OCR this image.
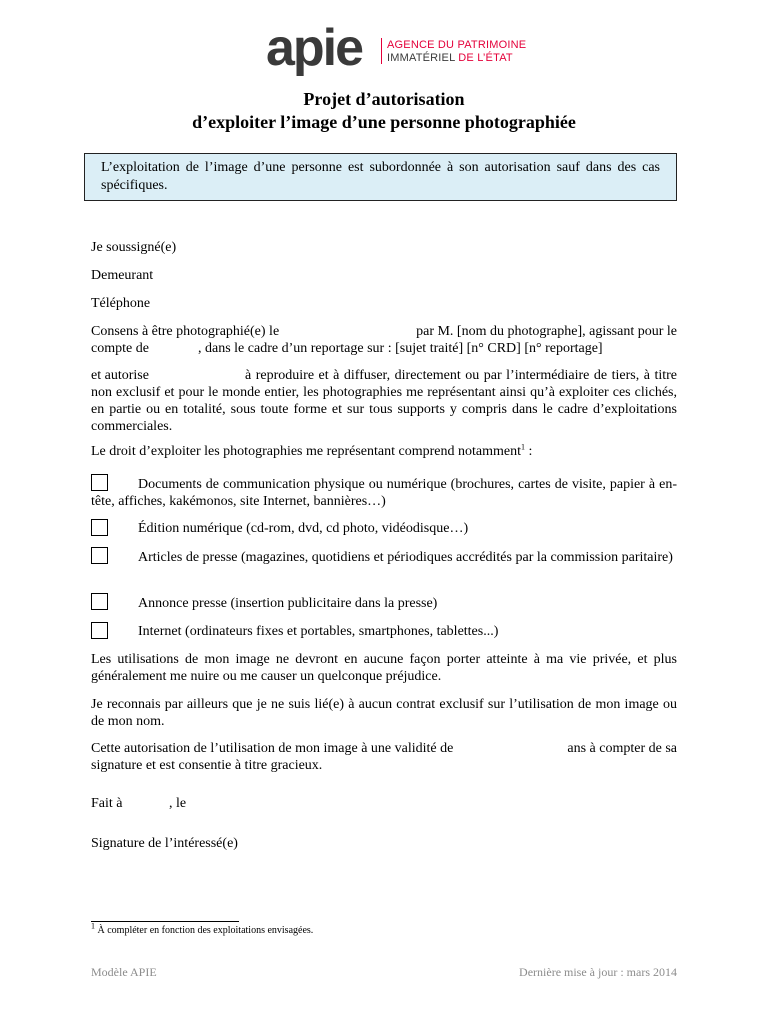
apie AGENCE DU PATRIMOINE
IMMATÉRIEL DE L’ÉTAT
Projet d’autorisation
d’exploiter l’image d’une personne photographiée
L’exploitation de l’image d’une personne est subordonnée à son autorisation sauf dans des cas spécifiques.
Je soussigné(e)
Demeurant
Téléphone
Consens à être photographié(e) le	par M. [nom du photographe], agissant pour le
compte de	, dans le cadre d’un reportage sur : [sujet traité] [n° CRD] [n° reportage]
et autorise	à reproduire et à diffuser, directement ou par l’intermédiaire de tiers, à titre non exclusif et pour le monde entier, les photographies me représentant ainsi qu’à exploiter ces clichés, en partie ou en totalité, sous toute forme et sur tous supports y compris dans le cadre d’exploitations commerciales.
Le droit d’exploiter les photographies me représentant comprend notamment$^1$ :
Documents de communication physique ou numérique (brochures, cartes de visite, papier à en-tête, affiches, kakémonos, site Internet, bannières…)
Édition numérique (cd-rom, dvd, cd photo, vidéodisque…)
Articles de presse (magazines, quotidiens et périodiques accrédités par la commission paritaire)
Annonce presse (insertion publicitaire dans la presse)
Internet (ordinateurs fixes et portables, smartphones, tablettes...)
Les utilisations de mon image ne devront en aucune façon porter atteinte à ma vie privée, et plus généralement me nuire ou me causer un quelconque préjudice.
Je reconnais par ailleurs que je ne suis lié(e) à aucun contrat exclusif sur l’utilisation de mon image ou de mon nom.
Cette autorisation de l’utilisation de mon image à une validité de	ans à compter de sa
signature et est consentie à titre gracieux.
Fait à	, le
Signature de l’intéressé(e)
$^1$ À compléter en fonction des exploitations envisagées.
Modèle APIE	Dernière mise à jour : mars 2014
